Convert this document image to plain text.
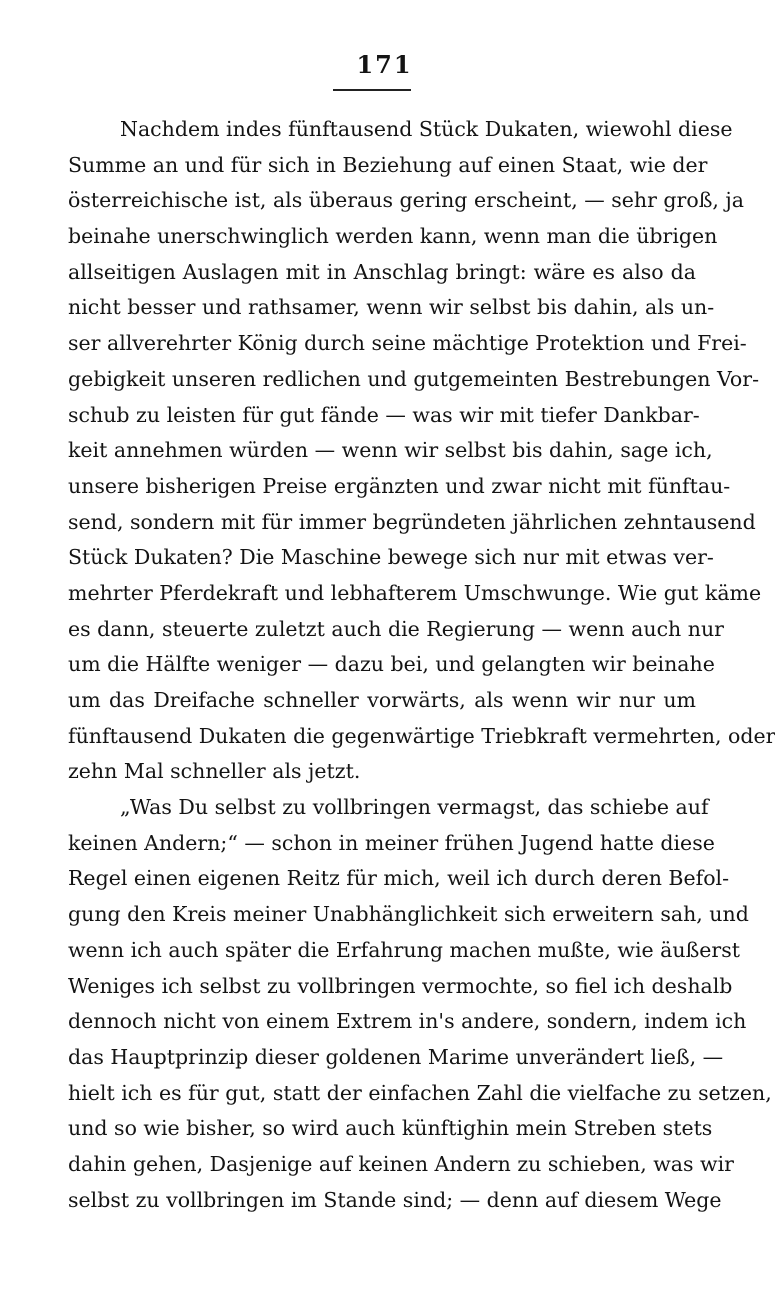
171
Nachdem indes fünftausend Stück Dukaten, wiewohl diese
Summe an und für sich in Beziehung auf einen Staat, wie der
österreichische ist, als überaus gering erscheint, — sehr groß, ja
beinahe unerschwinglich werden kann, wenn man die übrigen
allseitigen Auslagen mit in Anschlag bringt: wäre es also da
nicht besser und rathsamer, wenn wir selbst bis dahin, als un-
ser allverehrter König durch seine mächtige Protektion und Frei-
gebigkeit unseren redlichen und gutgemeinten Bestrebungen Vor-
schub zu leisten für gut fände — was wir mit tiefer Dankbar-
keit annehmen würden — wenn wir selbst bis dahin, sage ich,
unsere bisherigen Preise ergänzten und zwar nicht mit fünftau-
send, sondern mit für immer begründeten jährlichen zehntausend
Stück Dukaten? Die Maschine bewege sich nur mit etwas ver-
mehrter Pferdekraft und lebhafterem Umschwunge. Wie gut käme
es dann, steuerte zuletzt auch die Regierung — wenn auch nur
um die Hälfte weniger — dazu bei, und gelangten wir beinahe
um das Dreifache schneller vorwärts, als wenn wir nur um
fünftausend Dukaten die gegenwärtige Triebkraft vermehrten, oder
zehn Mal schneller als jetzt.
„Was Du selbst zu vollbringen vermagst, das schiebe auf
keinen Andern;“ — schon in meiner frühen Jugend hatte diese
Regel einen eigenen Reitz für mich, weil ich durch deren Befol-
gung den Kreis meiner Unabhänglichkeit sich erweitern sah, und
wenn ich auch später die Erfahrung machen mußte, wie äußerst
Weniges ich selbst zu vollbringen vermochte, so fiel ich deshalb
dennoch nicht von einem Extrem in's andere, sondern, indem ich
das Hauptprinzip dieser goldenen Marime unverändert ließ, —
hielt ich es für gut, statt der einfachen Zahl die vielfache zu setzen,
und so wie bisher, so wird auch künftighin mein Streben stets
dahin gehen, Dasjenige auf keinen Andern zu schieben, was wir
selbst zu vollbringen im Stande sind; — denn auf diesem Wege
